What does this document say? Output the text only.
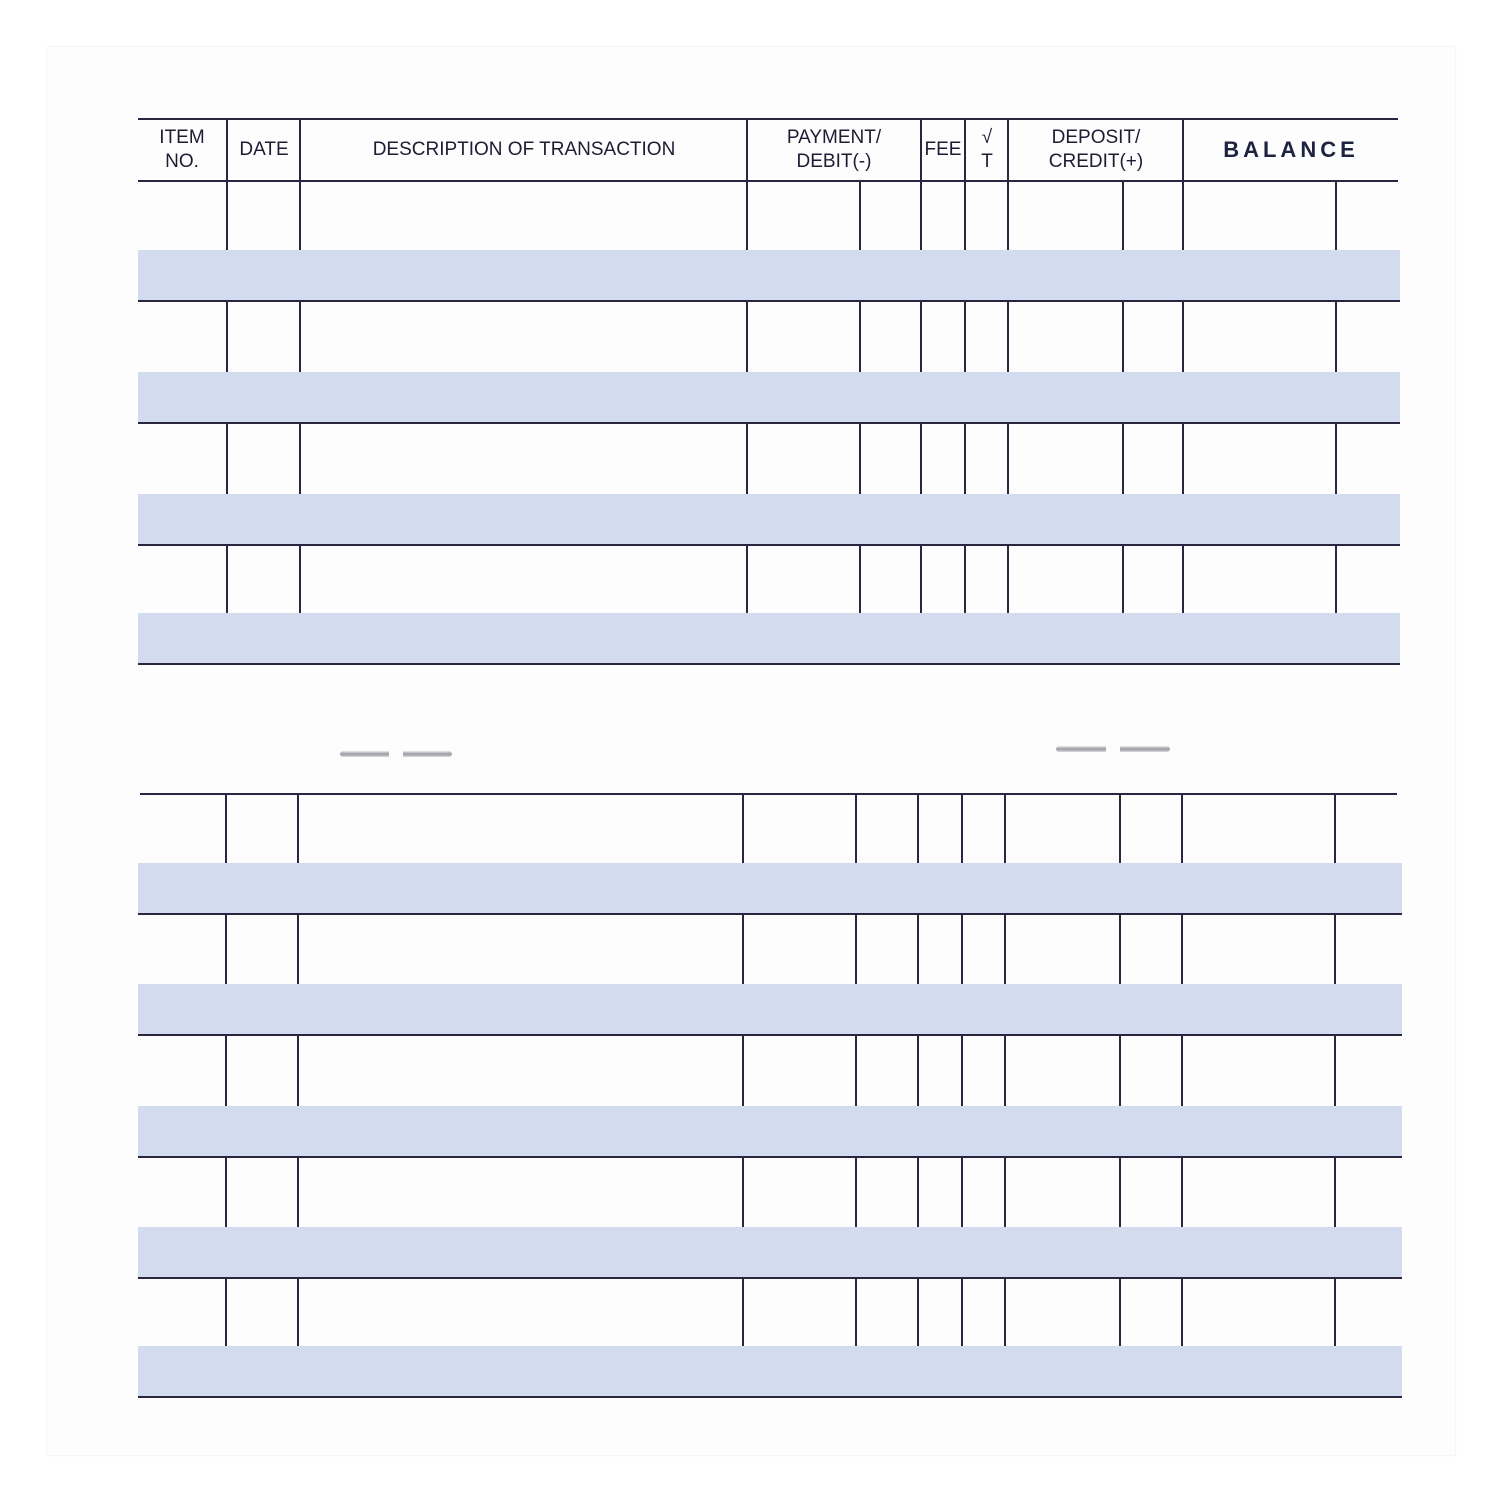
ITEM
NO.
DATE	DESCRIPTION OF TRANSACTION
PAYMENT/
DEBIT(-)
FEE
√
T
DEPOSIT/
CREDIT(+)	BALANCE
